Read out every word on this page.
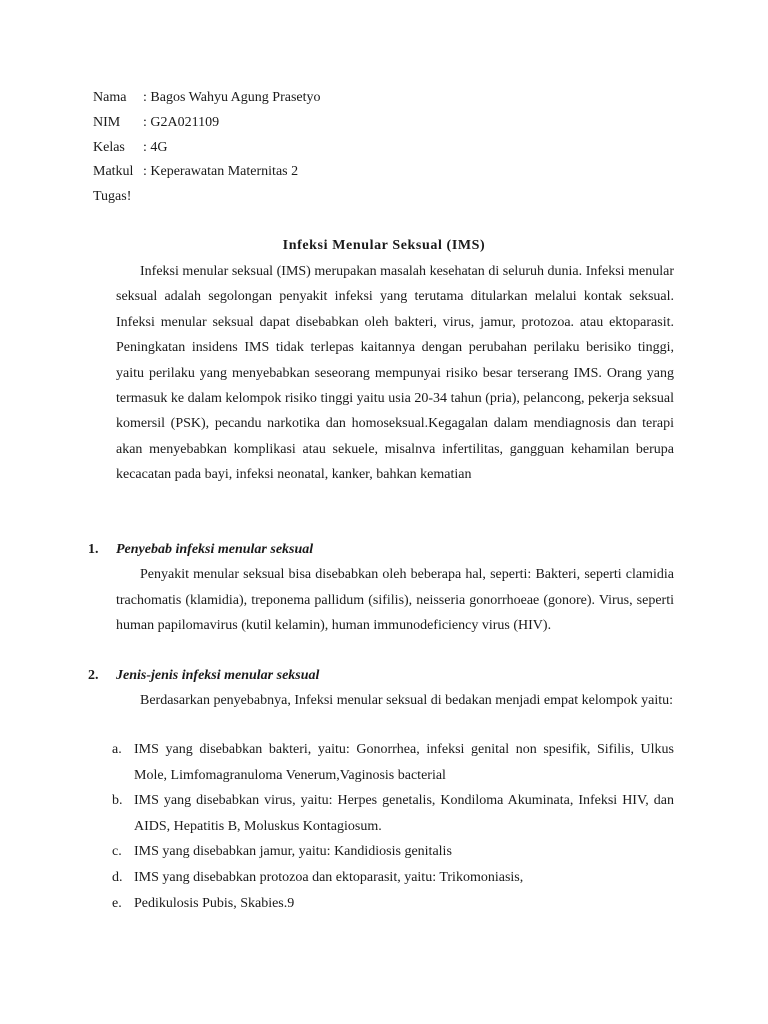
Nama : Bagos Wahyu Agung Prasetyo
NIM : G2A021109
Kelas : 4G
Matkul : Keperawatan Maternitas 2
Tugas!
Infeksi Menular Seksual (IMS)

Infeksi menular seksual (IMS) merupakan masalah kesehatan di seluruh dunia. Infeksi menular seksual adalah segolongan penyakit infeksi yang terutama ditularkan melalui kontak seksual. Infeksi menular seksual dapat disebabkan oleh bakteri, virus, jamur, protozoa. atau ektoparasit. Peningkatan insidens IMS tidak terlepas kaitannya dengan perubahan perilaku berisiko tinggi, yaitu perilaku yang menyebabkan seseorang mempunyai risiko besar terserang IMS. Orang yang termasuk ke dalam kelompok risiko tinggi yaitu usia 20-34 tahun (pria), pelancong, pekerja seksual komersil (PSK), pecandu narkotika dan homoseksual.Kegagalan dalam mendiagnosis dan terapi akan menyebabkan komplikasi atau sekuele, misalnva infertilitas, gangguan kehamilan berupa kecacatan pada bayi, infeksi neonatal, kanker, bahkan kematian

1. Penyebab infeksi menular seksual

Penyakit menular seksual bisa disebabkan oleh beberapa hal, seperti: Bakteri, seperti clamidia trachomatis (klamidia), treponema pallidum (sifilis), neisseria gonorrhoeae (gonore). Virus, seperti human papilomavirus (kutil kelamin), human immunodeficiency virus (HIV).

2. Jenis-jenis infeksi menular seksual

Berdasarkan penyebabnya, Infeksi menular seksual di bedakan menjadi empat kelompok yaitu:

a. IMS yang disebabkan bakteri, yaitu: Gonorrhea, infeksi genital non spesifik, Sifilis, Ulkus Mole, Limfomagranuloma Venerum,Vaginosis bacterial
b. IMS yang disebabkan virus, yaitu: Herpes genetalis, Kondiloma Akuminata, Infeksi HIV, dan AIDS, Hepatitis B, Moluskus Kontagiosum.
c. IMS yang disebabkan jamur, yaitu: Kandidiosis genitalis
d. IMS yang disebabkan protozoa dan ektoparasit, yaitu: Trikomoniasis,
e. Pedikulosis Pubis, Skabies.9
